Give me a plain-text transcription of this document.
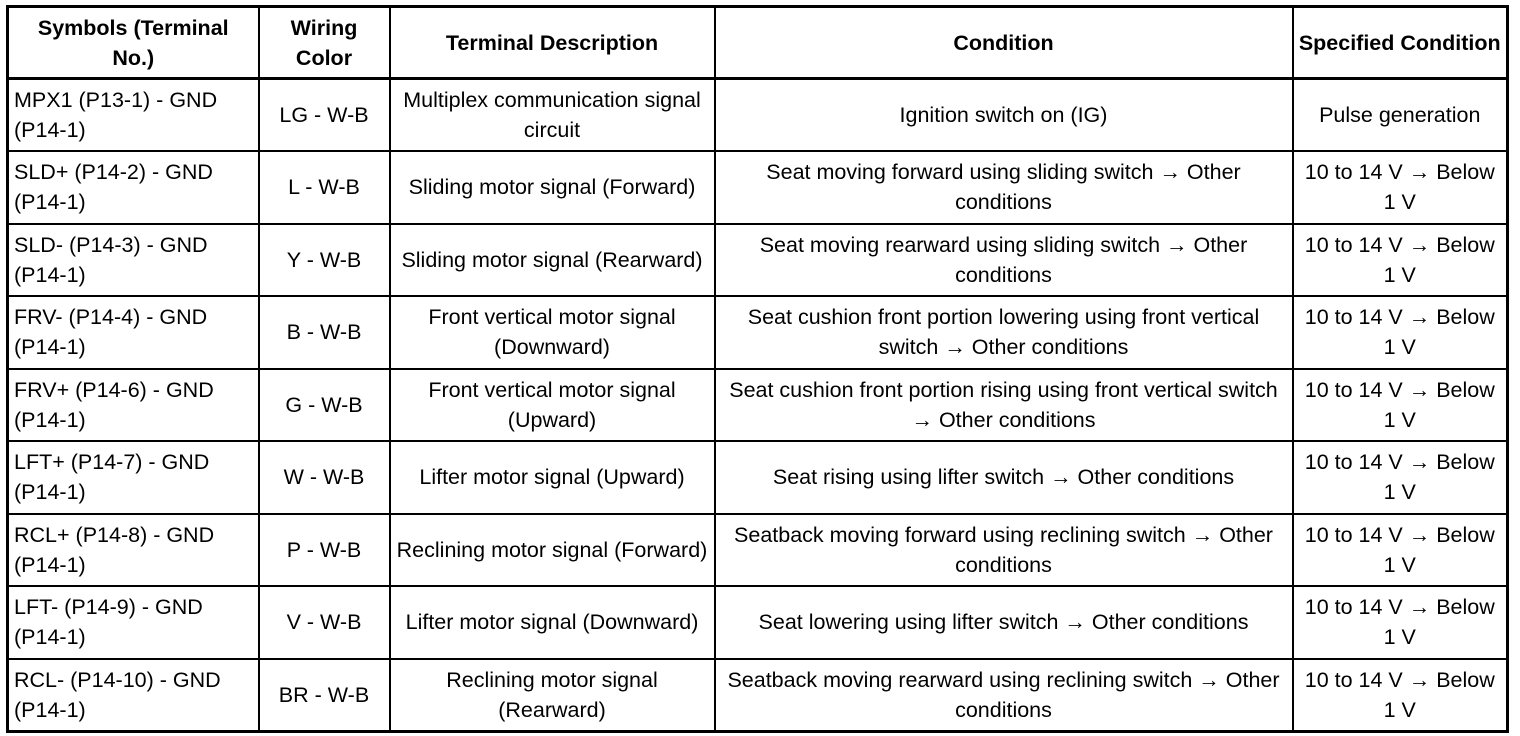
Symbols (Terminal No.)	Wiring Color	Terminal Description	Condition	Specified Condition
MPX1 (P13-1) - GND (P14-1)	LG - W-B	Multiplex communication signal circuit	Ignition switch on (IG)	Pulse generation
SLD+ (P14-2) - GND (P14-1)	L - W-B	Sliding motor signal (Forward)	Seat moving forward using sliding switch → Other conditions	10 to 14 V → Below 1 V
SLD- (P14-3) - GND (P14-1)	Y - W-B	Sliding motor signal (Rearward)	Seat moving rearward using sliding switch → Other conditions	10 to 14 V → Below 1 V
FRV- (P14-4) - GND (P14-1)	B - W-B	Front vertical motor signal (Downward)	Seat cushion front portion lowering using front vertical switch → Other conditions	10 to 14 V → Below 1 V
FRV+ (P14-6) - GND (P14-1)	G - W-B	Front vertical motor signal (Upward)	Seat cushion front portion rising using front vertical switch → Other conditions	10 to 14 V → Below 1 V
LFT+ (P14-7) - GND (P14-1)	W - W-B	Lifter motor signal (Upward)	Seat rising using lifter switch → Other conditions	10 to 14 V → Below 1 V
RCL+ (P14-8) - GND (P14-1)	P - W-B	Reclining motor signal (Forward)	Seatback moving forward using reclining switch → Other conditions	10 to 14 V → Below 1 V
LFT- (P14-9) - GND (P14-1)	V - W-B	Lifter motor signal (Downward)	Seat lowering using lifter switch → Other conditions	10 to 14 V → Below 1 V
RCL- (P14-10) - GND (P14-1)	BR - W-B	Reclining motor signal (Rearward)	Seatback moving rearward using reclining switch → Other conditions	10 to 14 V → Below 1 V
